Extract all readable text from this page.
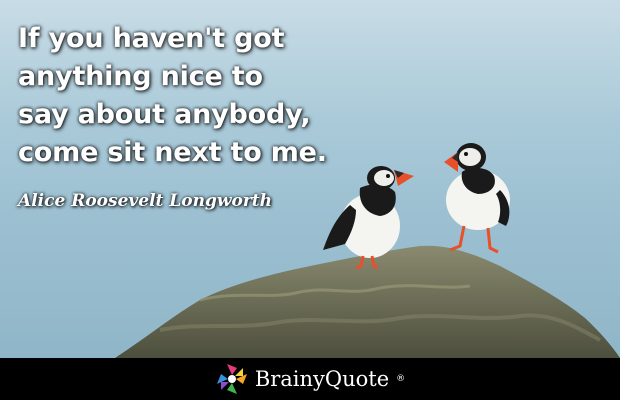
If you haven't got
anything nice to
say about anybody,
come sit next to me.

Alice Roosevelt Longworth
BrainyQuote ®
